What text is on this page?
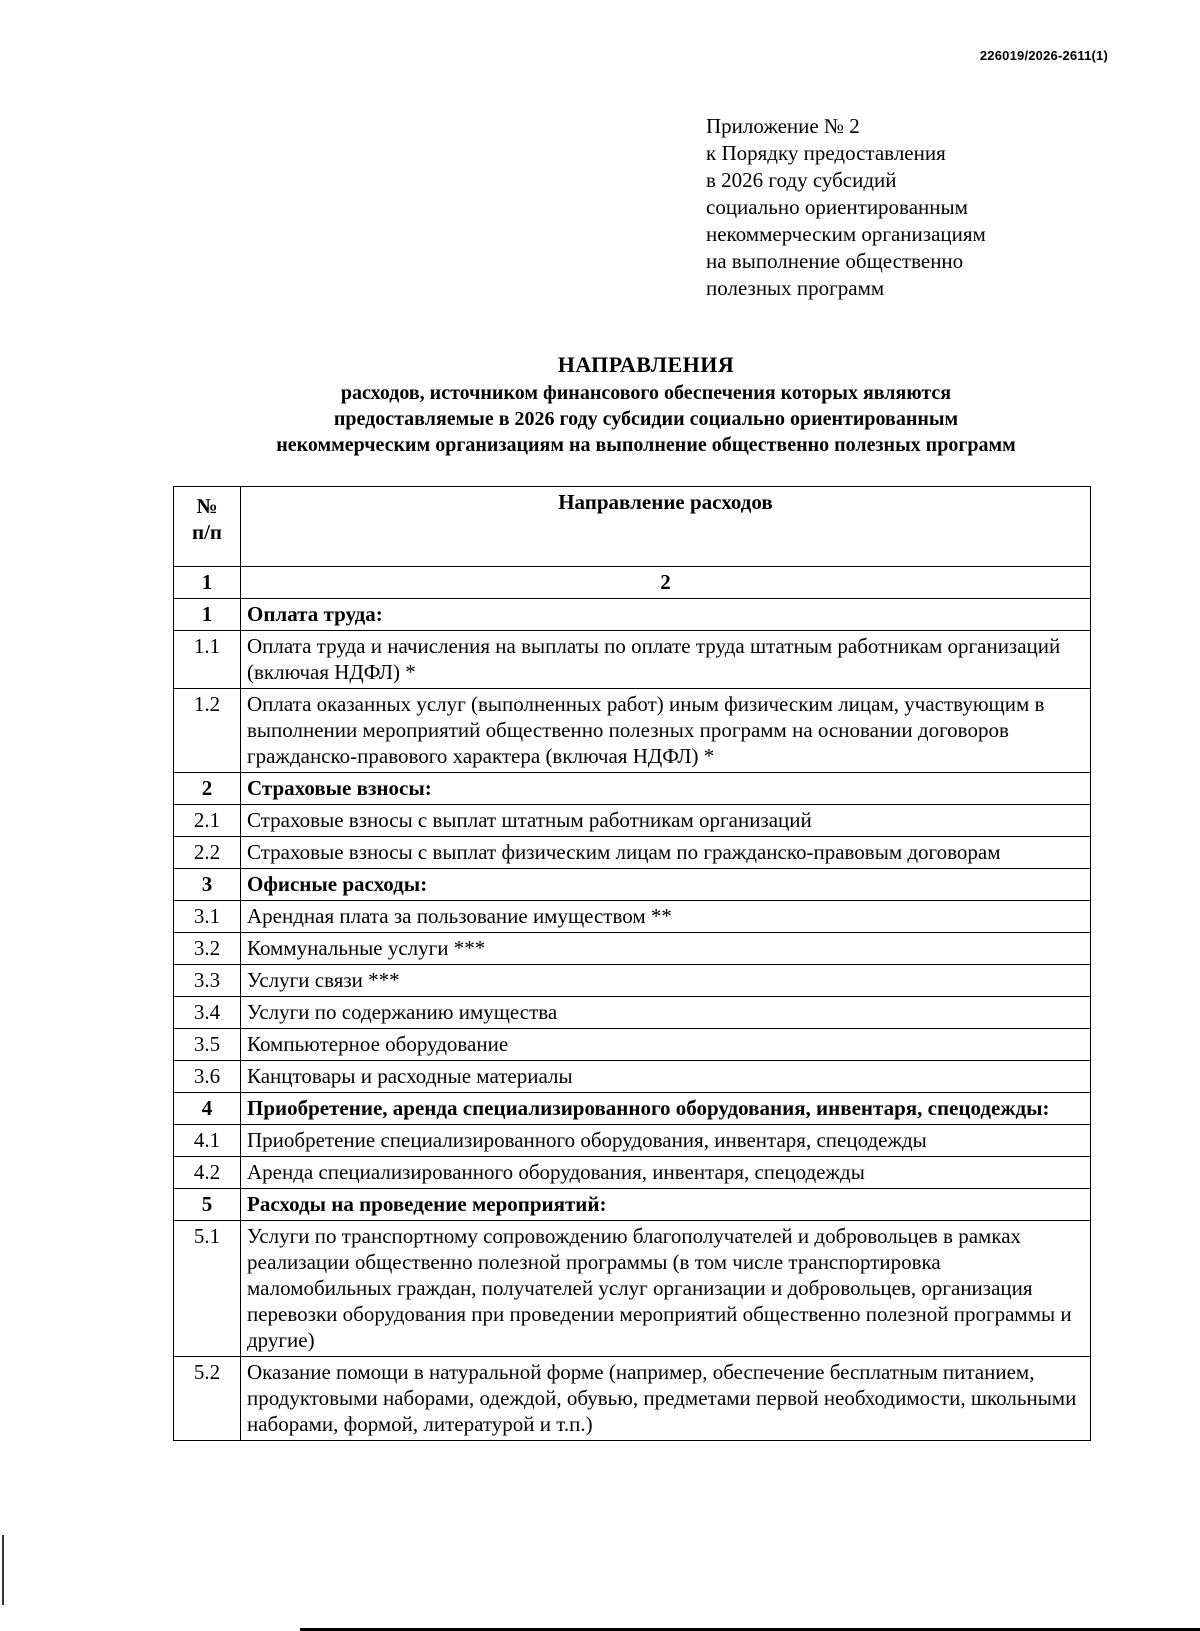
226019/2026-2611(1)
Приложение № 2
к Порядку предоставления
в 2026 году субсидий
социально ориентированным
некоммерческим организациям
на выполнение общественно
полезных программ
НАПРАВЛЕНИЯ
расходов, источником финансового обеспечения которых являются
предоставляемые в 2026 году субсидии социально ориентированным
некоммерческим организациям на выполнение общественно полезных программ
№
п/п	Направление расходов
1	2
1	Оплата труда:
1.1	Оплата труда и начисления на выплаты по оплате труда штатным работникам организаций (включая НДФЛ) *
1.2	Оплата оказанных услуг (выполненных работ) иным физическим лицам, участвующим в выполнении мероприятий общественно полезных программ на основании договоров гражданско-правового характера (включая НДФЛ) *
2	Страховые взносы:
2.1	Страховые взносы с выплат штатным работникам организаций
2.2	Страховые взносы с выплат физическим лицам по гражданско-правовым договорам
3	Офисные расходы:
3.1	Арендная плата за пользование имуществом **
3.2	Коммунальные услуги ***
3.3	Услуги связи ***
3.4	Услуги по содержанию имущества
3.5	Компьютерное оборудование
3.6	Канцтовары и расходные материалы
4	Приобретение, аренда специализированного оборудования, инвентаря, спецодежды:
4.1	Приобретение специализированного оборудования, инвентаря, спецодежды
4.2	Аренда специализированного оборудования, инвентаря, спецодежды
5	Расходы на проведение мероприятий:
5.1	Услуги по транспортному сопровождению благополучателей и добровольцев в рамках реализации общественно полезной программы (в том числе транспортировка маломобильных граждан, получателей услуг организации и добровольцев, организация перевозки оборудования при проведении мероприятий общественно полезной программы и другие)
5.2	Оказание помощи в натуральной форме (например, обеспечение бесплатным питанием, продуктовыми наборами, одеждой, обувью, предметами первой необходимости, школьными наборами, формой, литературой и т.п.)
